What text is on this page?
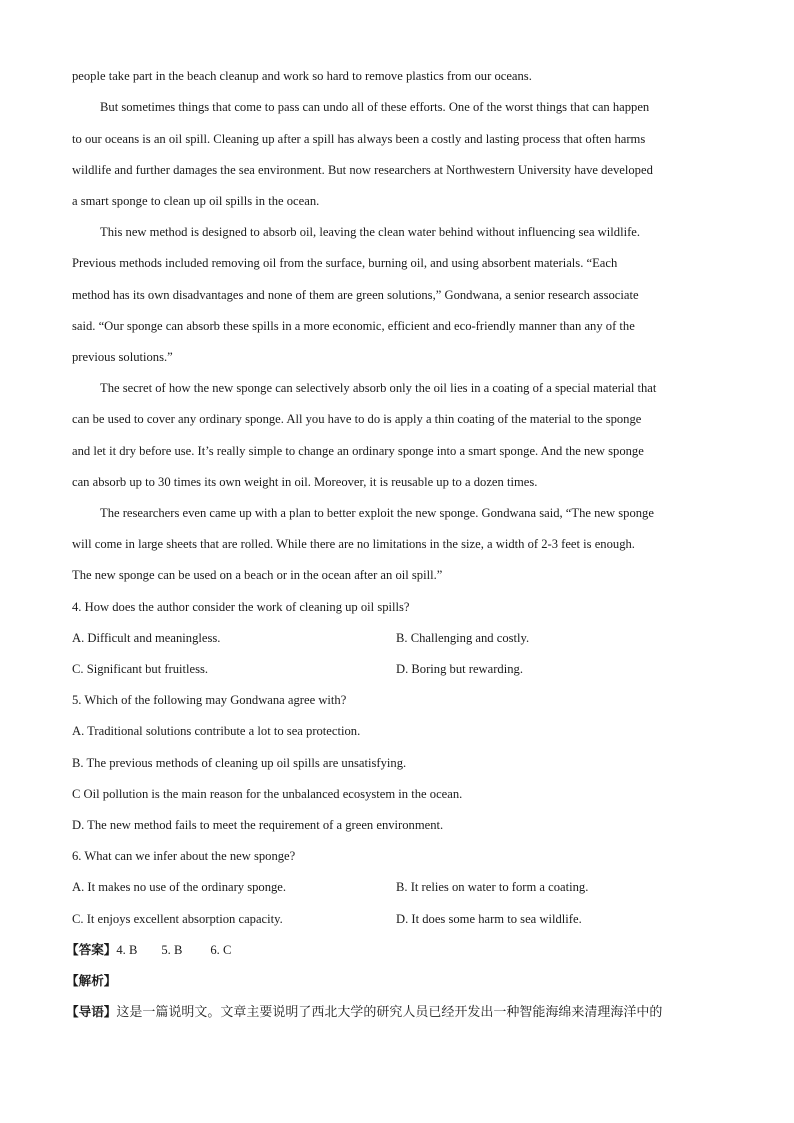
people take part in the beach cleanup and work so hard to remove plastics from our oceans.
But sometimes things that come to pass can undo all of these efforts. One of the worst things that can happen
to our oceans is an oil spill. Cleaning up after a spill has always been a costly and lasting process that often harms
wildlife and further damages the sea environment. But now researchers at Northwestern University have developed
a smart sponge to clean up oil spills in the ocean.
This new method is designed to absorb oil, leaving the clean water behind without influencing sea wildlife.
Previous methods included removing oil from the surface, burning oil, and using absorbent materials. “Each
method has its own disadvantages and none of them are green solutions,” Gondwana, a senior research associate
said. “Our sponge can absorb these spills in a more economic, efficient and eco-friendly manner than any of the
previous solutions.”
The secret of how the new sponge can selectively absorb only the oil lies in a coating of a special material that
can be used to cover any ordinary sponge. All you have to do is apply a thin coating of the material to the sponge
and let it dry before use. It’s really simple to change an ordinary sponge into a smart sponge. And the new sponge
can absorb up to 30 times its own weight in oil. Moreover, it is reusable up to a dozen times.
The researchers even came up with a plan to better exploit the new sponge. Gondwana said, “The new sponge
will come in large sheets that are rolled. While there are no limitations in the size, a width of 2-3 feet is enough.
The new sponge can be used on a beach or in the ocean after an oil spill.”
4. How does the author consider the work of cleaning up oil spills?
A. Difficult and meaningless.	B. Challenging and costly.
C. Significant but fruitless.	D. Boring but rewarding.
5. Which of the following may Gondwana agree with?
A. Traditional solutions contribute a lot to sea protection.
B. The previous methods of cleaning up oil spills are unsatisfying.
C Oil pollution is the main reason for the unbalanced ecosystem in the ocean.
D. The new method fails to meet the requirement of a green environment.
6. What can we infer about the new sponge?
A. It makes no use of the ordinary sponge.	B. It relies on water to form a coating.
C. It enjoys excellent absorption capacity.	D. It does some harm to sea wildlife.
【答案】4. B 5. B 6. C
【解析】
【导语】这是一篇说明文。文章主要说明了西北大学的研究人员已经开发出一种智能海绵来清理海洋中的
